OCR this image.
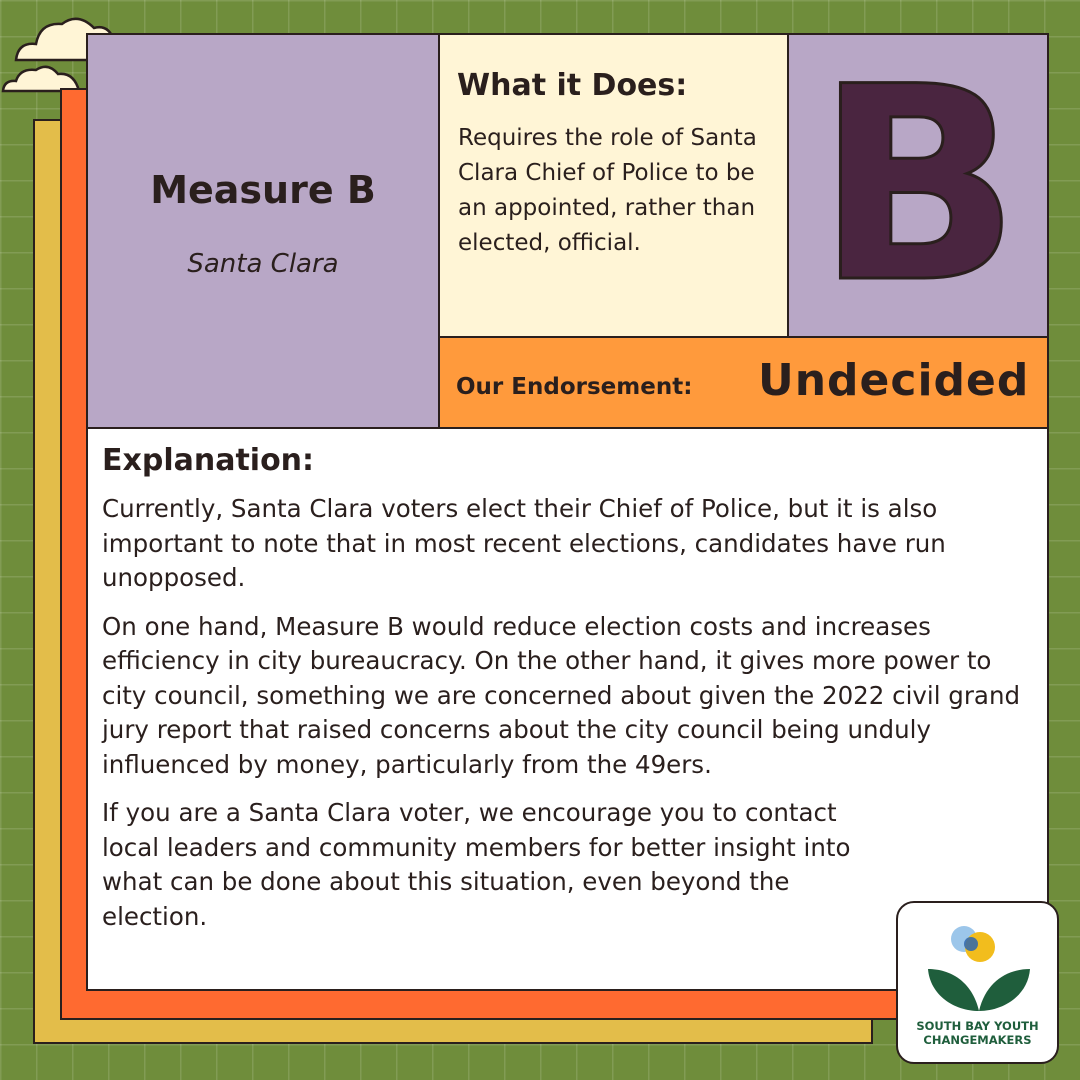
Measure B
Santa Clara
What it Does:

Requires the role of Santa Clara Chief of Police to be an appointed, rather than elected, official. B
Our Endorsement: Undecided
Explanation:

Currently, Santa Clara voters elect their Chief of Police, but it is also important to note that in most recent elections, candidates have run unopposed.

On one hand, Measure B would reduce election costs and increases efficiency in city bureaucracy. On the other hand, it gives more power to city council, something we are concerned about given the 2022 civil grand jury report that raised concerns about the city council being unduly influenced by money, particularly from the 49ers.

If you are a Santa Clara voter, we encourage you to contact local leaders and community members for better insight into what can be done about this situation, even beyond the election.

SOUTH BAY YOUTH
CHANGEMAKERS
